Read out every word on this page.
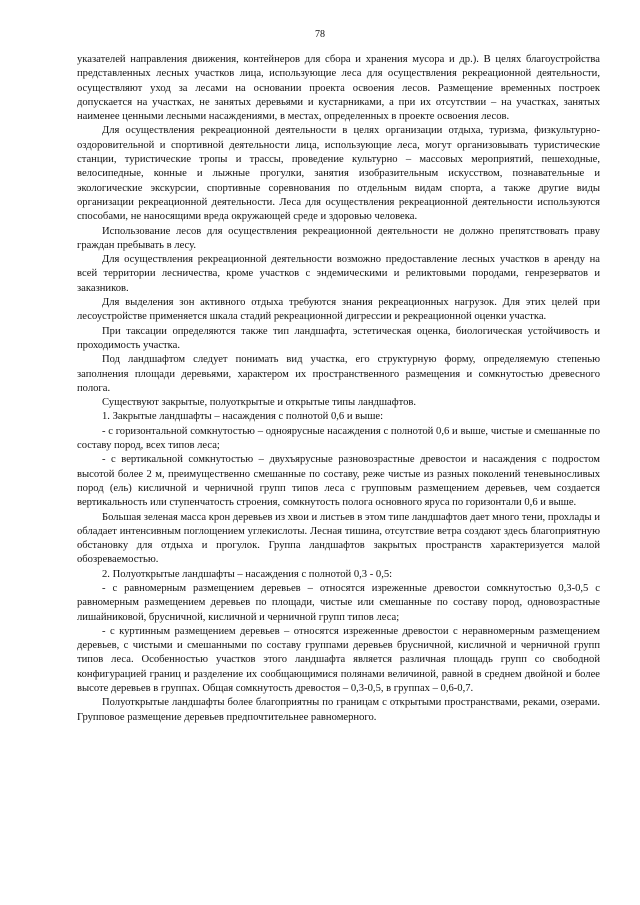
78

указателей направления движения, контейнеров для сбора и хранения мусора и др.). В целях благоустройства представленных лесных участков лица, использующие леса для осуществления рекреационной деятельности, осуществляют уход за лесами на основании проекта освоения лесов. Размещение временных построек допускается на участках, не занятых деревьями и кустарниками, а при их отсутствии – на участках, занятых наименее ценными лесными насаждениями, в местах, определенных в проекте освоения лесов.

Для осуществления рекреационной деятельности в целях организации отдыха, туризма, физкультурно-оздоровительной и спортивной деятельности лица, использующие леса, могут организовывать туристические станции, туристические тропы и трассы, проведение культурно – массовых мероприятий, пешеходные, велосипедные, конные и лыжные прогулки, занятия изобразительным искусством, познавательные и экологические экскурсии, спортивные соревнования по отдельным видам спорта, а также другие виды организации рекреационной деятельности. Леса для осуществления рекреационной деятельности используются способами, не наносящими вреда окружающей среде и здоровью человека.

Использование лесов для осуществления рекреационной деятельности не должно препятствовать праву граждан пребывать в лесу.

Для осуществления рекреационной деятельности возможно предоставление лесных участков в аренду на всей территории лесничества, кроме участков с эндемическими и реликтовыми породами, генрезерватов и заказников.

Для выделения зон активного отдыха требуются знания рекреационных нагрузок. Для этих целей при лесоустройстве применяется шкала стадий рекреационной дигрессии и рекреационной оценки участка.

При таксации определяются также тип ландшафта, эстетическая оценка, биологическая устойчивость и проходимость участка.

Под ландшафтом следует понимать вид участка, его структурную форму, определяемую степенью заполнения площади деревьями, характером их пространственного размещения и сомкнутостью древесного полога.

Существуют закрытые, полуоткрытые и открытые типы ландшафтов.

1. Закрытые ландшафты – насаждения с полнотой 0,6 и выше:

- с горизонтальной сомкнутостью – одноярусные насаждения с полнотой 0,6 и выше, чистые и смешанные по составу пород, всех типов леса;

- с вертикальной сомкнутостью – двухъярусные разновозрастные древостои и насаждения с подростом высотой более 2 м, преимущественно смешанные по составу, реже чистые из разных поколений теневыносливых пород (ель) кисличной и черничной групп типов леса с групповым размещением деревьев, чем создается вертикальность или ступенчатость строения, сомкнутость полога основного яруса по горизонтали 0,6 и выше.

Большая зеленая масса крон деревьев из хвои и листьев в этом типе ландшафтов дает много тени, прохлады и обладает интенсивным поглощением углекислоты. Лесная тишина, отсутствие ветра создают здесь благоприятную обстановку для отдыха и прогулок. Группа ландшафтов закрытых пространств характеризуется малой обозреваемостью.

2. Полуоткрытые ландшафты – насаждения с полнотой 0,3 - 0,5:

- с равномерным размещением деревьев – относятся изреженные древостои сомкнутостью 0,3-0,5 с равномерным размещением деревьев по площади, чистые или смешанные по составу пород, одновозрастные лишайниковой, брусничной, кисличной и черничной групп типов леса;

- с куртинным размещением деревьев – относятся изреженные древостои с неравномерным размещением деревьев, с чистыми и смешанными по составу группами деревьев брусничной, кисличной и черничной групп типов леса. Особенностью участков этого ландшафта является различная площадь групп со свободной конфигурацией границ и разделение их сообщающимися полянами величиной, равной в среднем двойной и более высоте деревьев в группах. Общая сомкнутость древостоя – 0,3-0,5, в группах – 0,6-0,7.

Полуоткрытые ландшафты более благоприятны по границам с открытыми пространствами, реками, озерами. Групповое размещение деревьев предпочтительнее равномерного.
